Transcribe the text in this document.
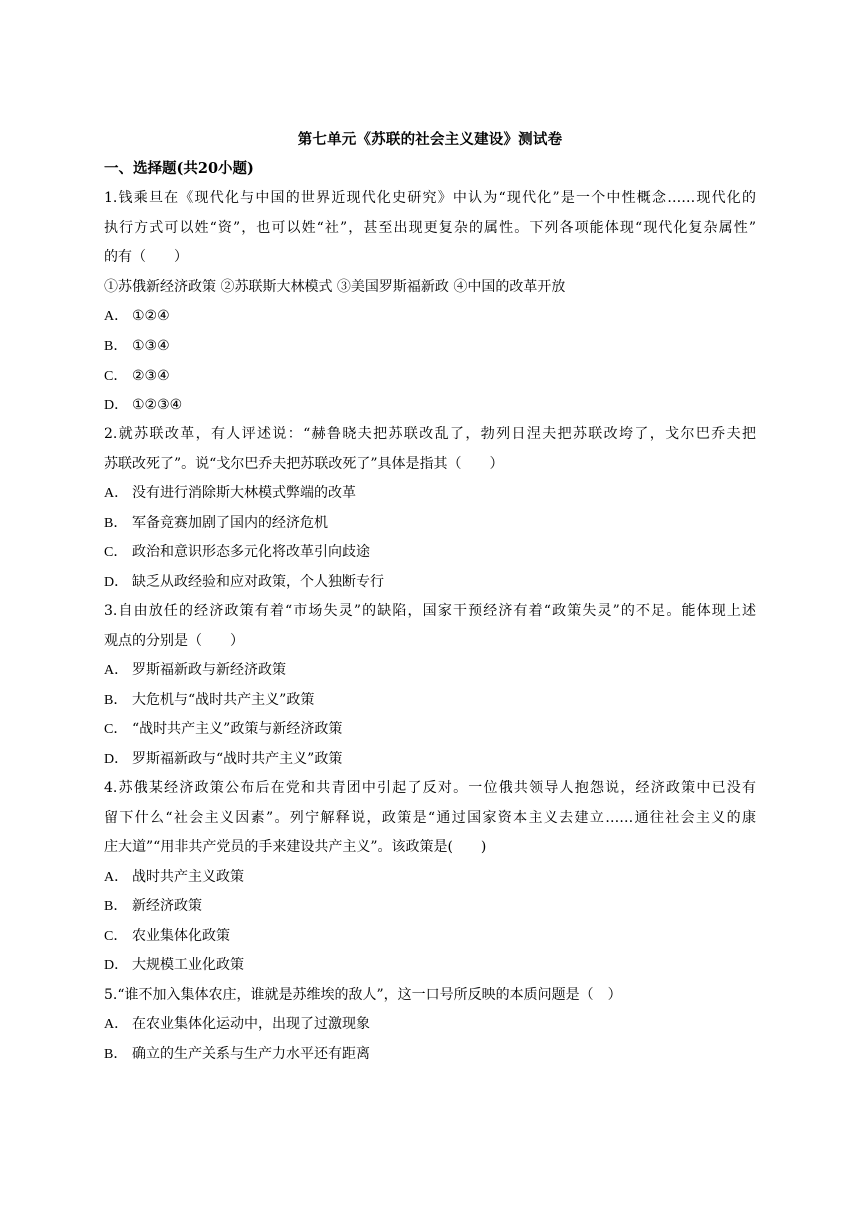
第七单元《苏联的社会主义建设》测试卷
一、选择题(共20小题)
1.钱乘旦在《现代化与中国的世界近现代化史研究》中认为“现代化”是一个中性概念……现代化的
执行方式可以姓“资”，也可以姓“社”，甚至出现更复杂的属性。下列各项能体现“现代化复杂属性”
的有（　　）
①苏俄新经济政策 ②苏联斯大林模式 ③美国罗斯福新政 ④中国的改革开放
A． ①②④
B． ①③④
C． ②③④
D． ①②③④
2.就苏联改革，有人评述说：“赫鲁晓夫把苏联改乱了，勃列日涅夫把苏联改垮了，戈尔巴乔夫把
苏联改死了”。说“戈尔巴乔夫把苏联改死了”具体是指其（　　）
A． 没有进行消除斯大林模式弊端的改革
B． 军备竞赛加剧了国内的经济危机
C． 政治和意识形态多元化将改革引向歧途
D． 缺乏从政经验和应对政策，个人独断专行
3.自由放任的经济政策有着“市场失灵”的缺陷，国家干预经济有着“政策失灵”的不足。能体现上述
观点的分别是（　　）
A． 罗斯福新政与新经济政策
B． 大危机与“战时共产主义”政策
C． “战时共产主义”政策与新经济政策
D． 罗斯福新政与“战时共产主义”政策
4.苏俄某经济政策公布后在党和共青团中引起了反对。一位俄共领导人抱怨说，经济政策中已没有
留下什么“社会主义因素”。列宁解释说，政策是“通过国家资本主义去建立……通往社会主义的康
庄大道”“用非共产党员的手来建设共产主义”。该政策是(　　)
A． 战时共产主义政策
B． 新经济政策
C． 农业集体化政策
D． 大规模工业化政策
5.“谁不加入集体农庄，谁就是苏维埃的敌人”，这一口号所反映的本质问题是（　）
A． 在农业集体化运动中，出现了过激现象
B． 确立的生产关系与生产力水平还有距离
